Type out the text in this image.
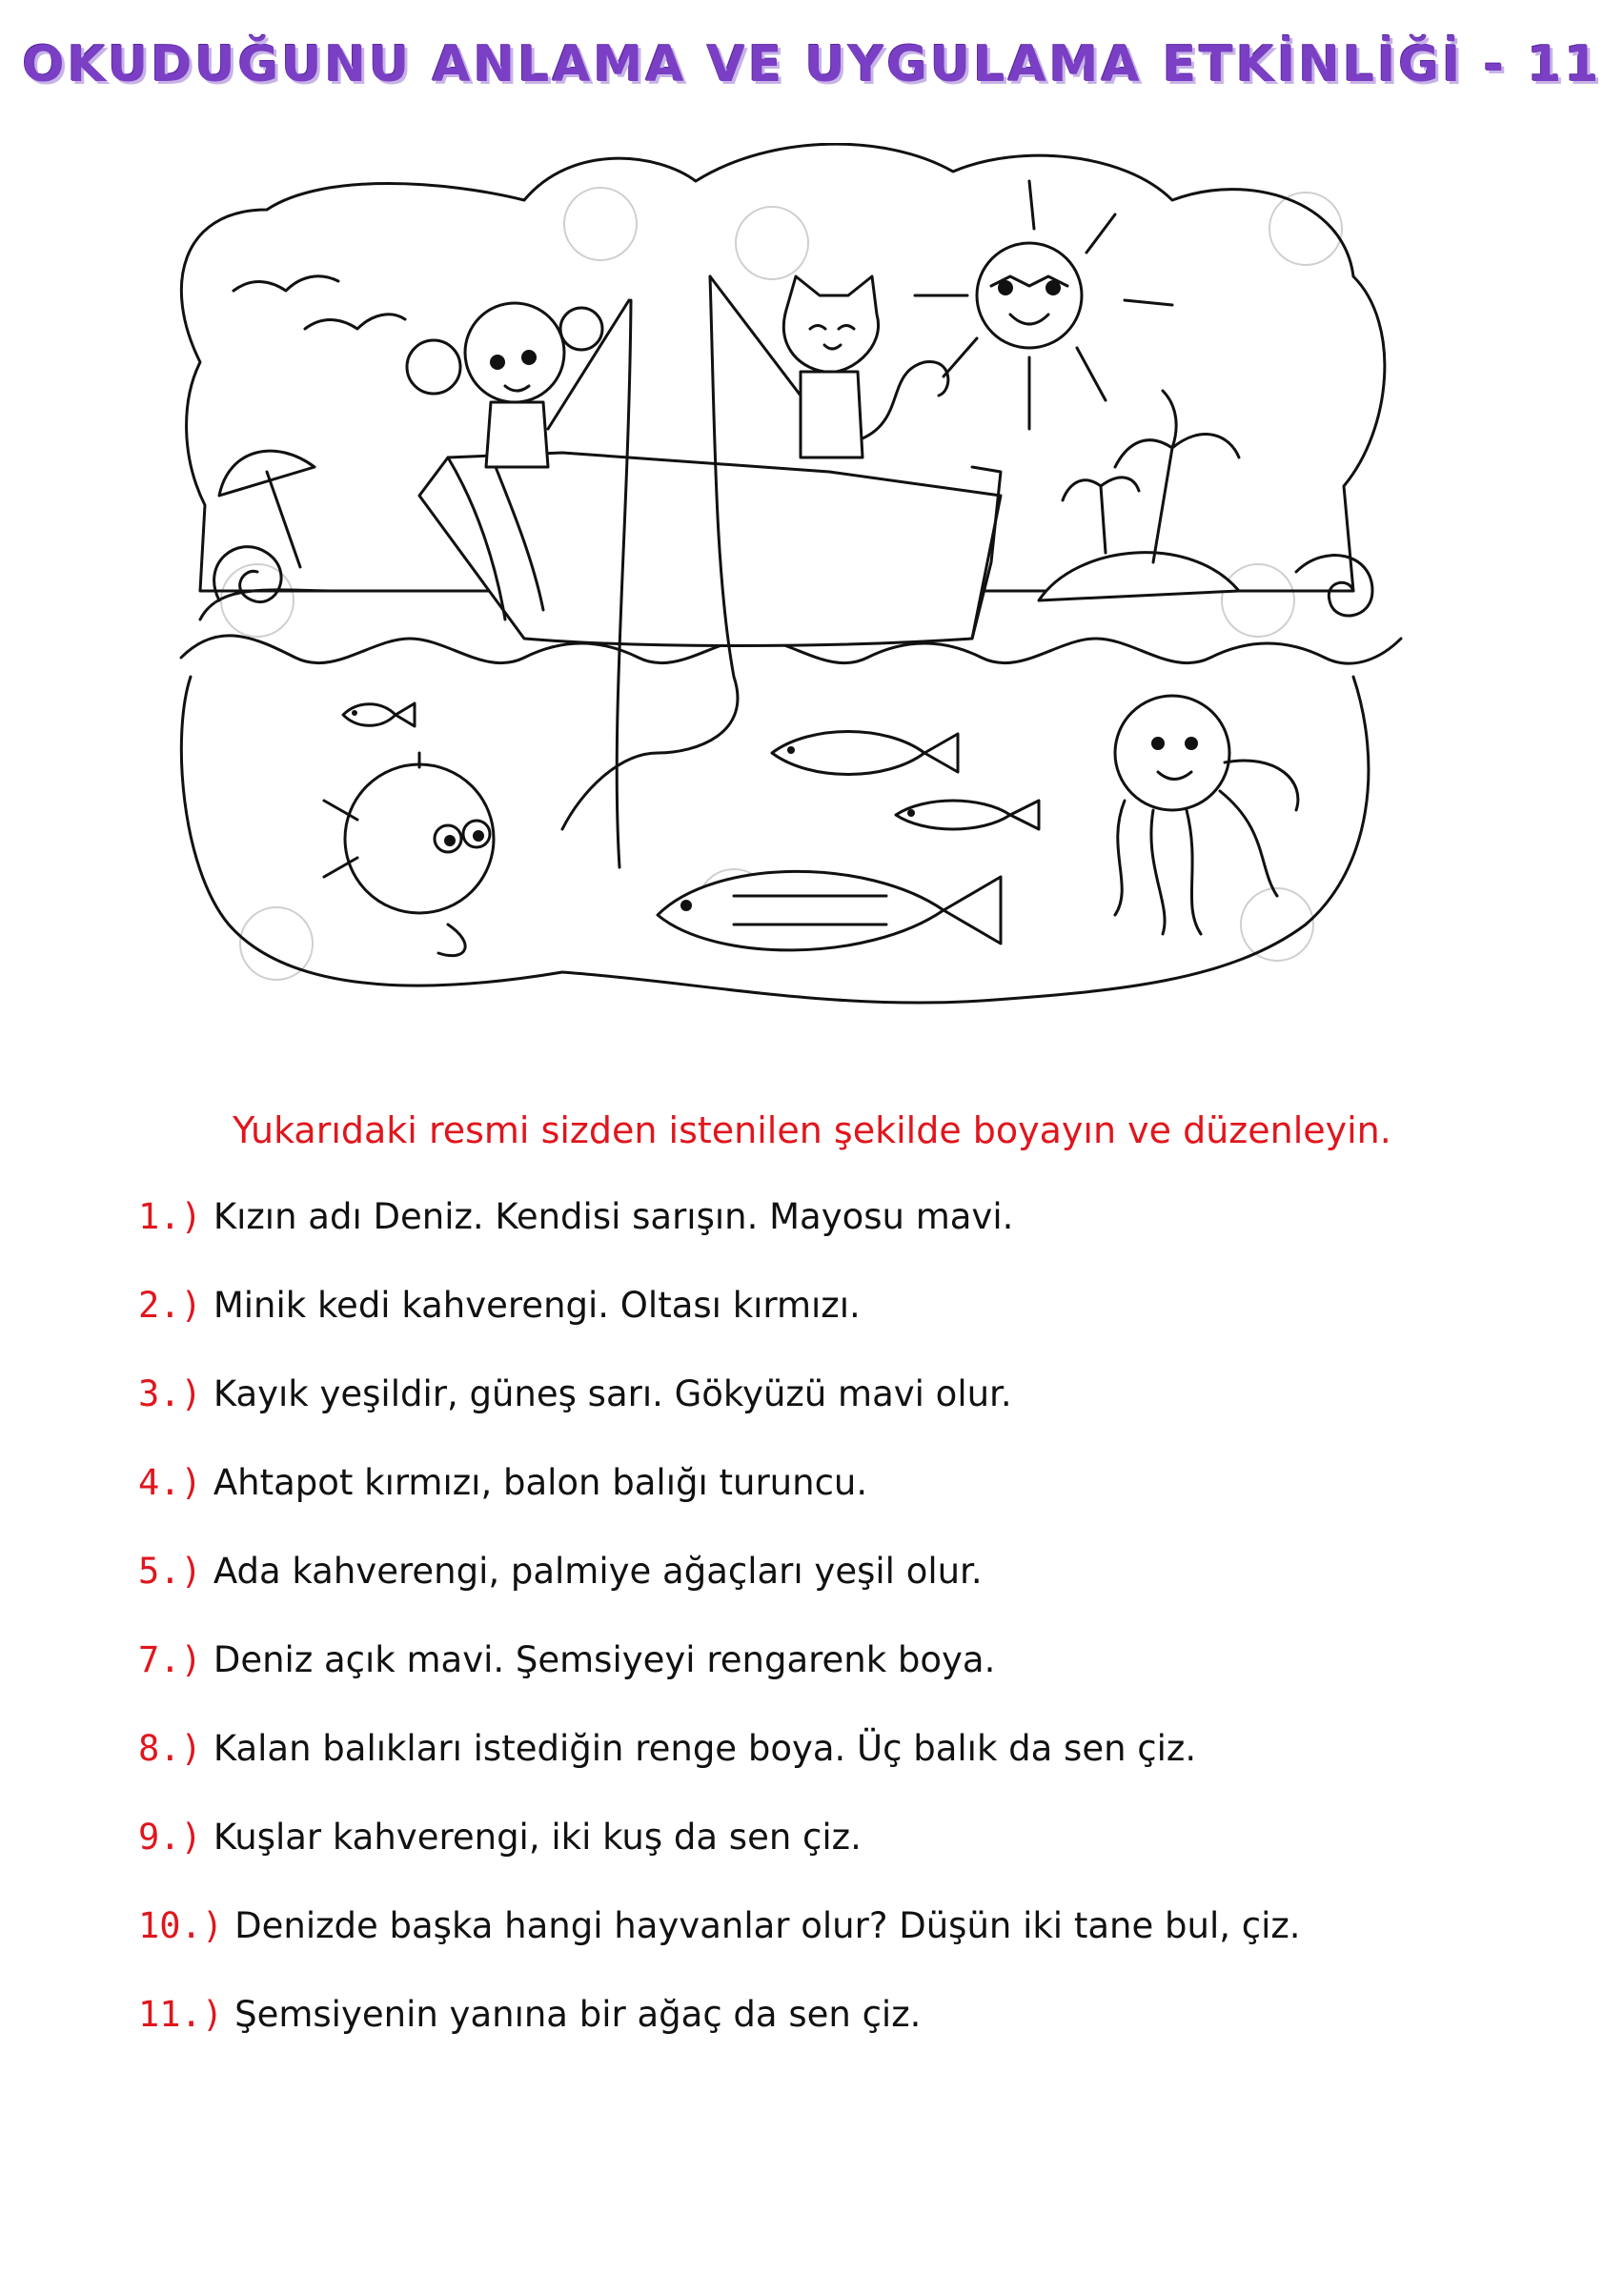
OKUDUĞUNU ANLAMA VE UYGULAMA ETKİNLİĞİ - 11
Yukarıdaki resmi sizden istenilen şekilde boyayın ve düzenleyin.
1.) Kızın adı Deniz. Kendisi sarışın. Mayosu mavi.
2.) Minik kedi kahverengi. Oltası kırmızı.
3.) Kayık yeşildir, güneş sarı. Gökyüzü mavi olur.
4.) Ahtapot kırmızı, balon balığı turuncu.
5.) Ada kahverengi, palmiye ağaçları yeşil olur.
7.) Deniz açık mavi. Şemsiyeyi rengarenk boya.
8.) Kalan balıkları istediğin renge boya. Üç balık da sen çiz.
9.) Kuşlar kahverengi, iki kuş da sen çiz.
10.) Denizde başka hangi hayvanlar olur? Düşün iki tane bul, çiz.
11.) Şemsiyenin yanına bir ağaç da sen çiz.
